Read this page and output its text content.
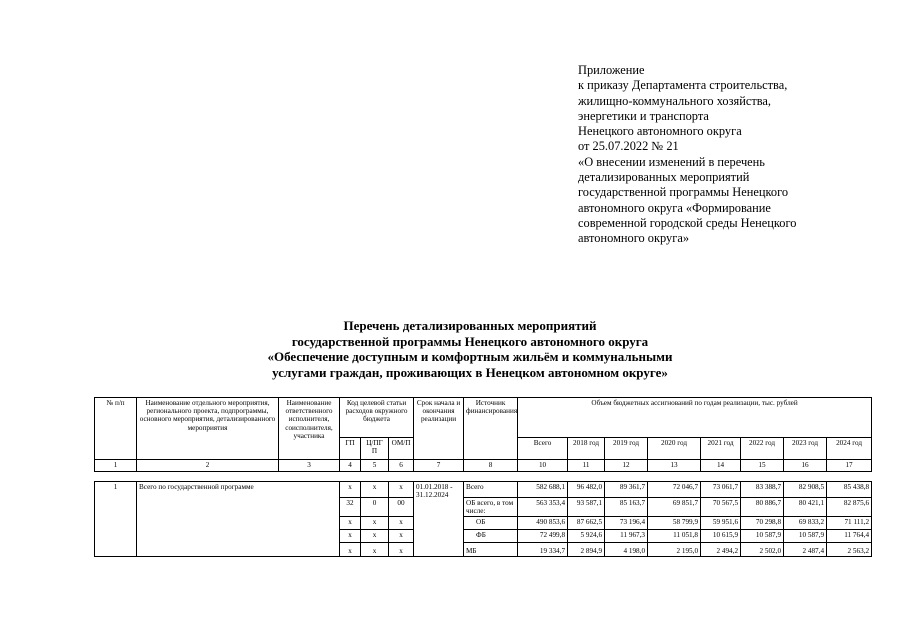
Приложение
к приказу Департамента строительства,
жилищно-коммунального хозяйства,
энергетики и транспорта
Ненецкого автономного округа
от 25.07.2022 № 21
«О внесении изменений в перечень
детализированных мероприятий
государственной программы Ненецкого
автономного округа «Формирование
современной городской среды Ненецкого
автономного округа»
Перечень детализированных мероприятий
государственной программы Ненецкого автономного округа
«Обеспечение доступным и комфортным жильём и коммунальными
услугами граждан, проживающих в Ненецком автономном округе»
№ п/п	Наименование отдельного мероприятия, регионального проекта, подпрограммы, основного мероприятия, детализированного мероприятия	Наименование ответственного исполнителя, соисполнителя, участника	Код целевой статьи расходов окружного бюджета			Срок начала и окончания реализации	Источник финансирования	Объем бюджетных ассигнований по годам реализации, тыс. рублей							
			ГП	Ц/ПГ П	ОМ/П			Всего	2018 год	2019 год	2020 год	2021 год	2022 год	2023 год	2024 год
1	2	3	4	5	6	7	8	10	11	12	13	14	15	16	17

1	Всего по государственной программе		х	х	х	01.01.2018 - 31.12.2024	Всего	582 688,1	96 482,0	89 361,7	72 046,7	73 061,7	83 388,7	82 908,5	85 438,8
			32	0	00		ОБ всего, в том числе:	563 353,4	93 587,1	85 163,7	69 851,7	70 567,5	80 886,7	80 421,1	82 875,6
			х	х	х		ОБ	490 853,6	87 662,5	73 196,4	58 799,9	59 951,6	70 298,8	69 833,2	71 111,2
			х	х	х		ФБ	72 499,8	5 924,6	11 967,3	11 051,8	10 615,9	10 587,9	10 587,9	11 764,4
			х	х	х		МБ	19 334,7	2 894,9	4 198,0	2 195,0	2 494,2	2 502,0	2 487,4	2 563,2
